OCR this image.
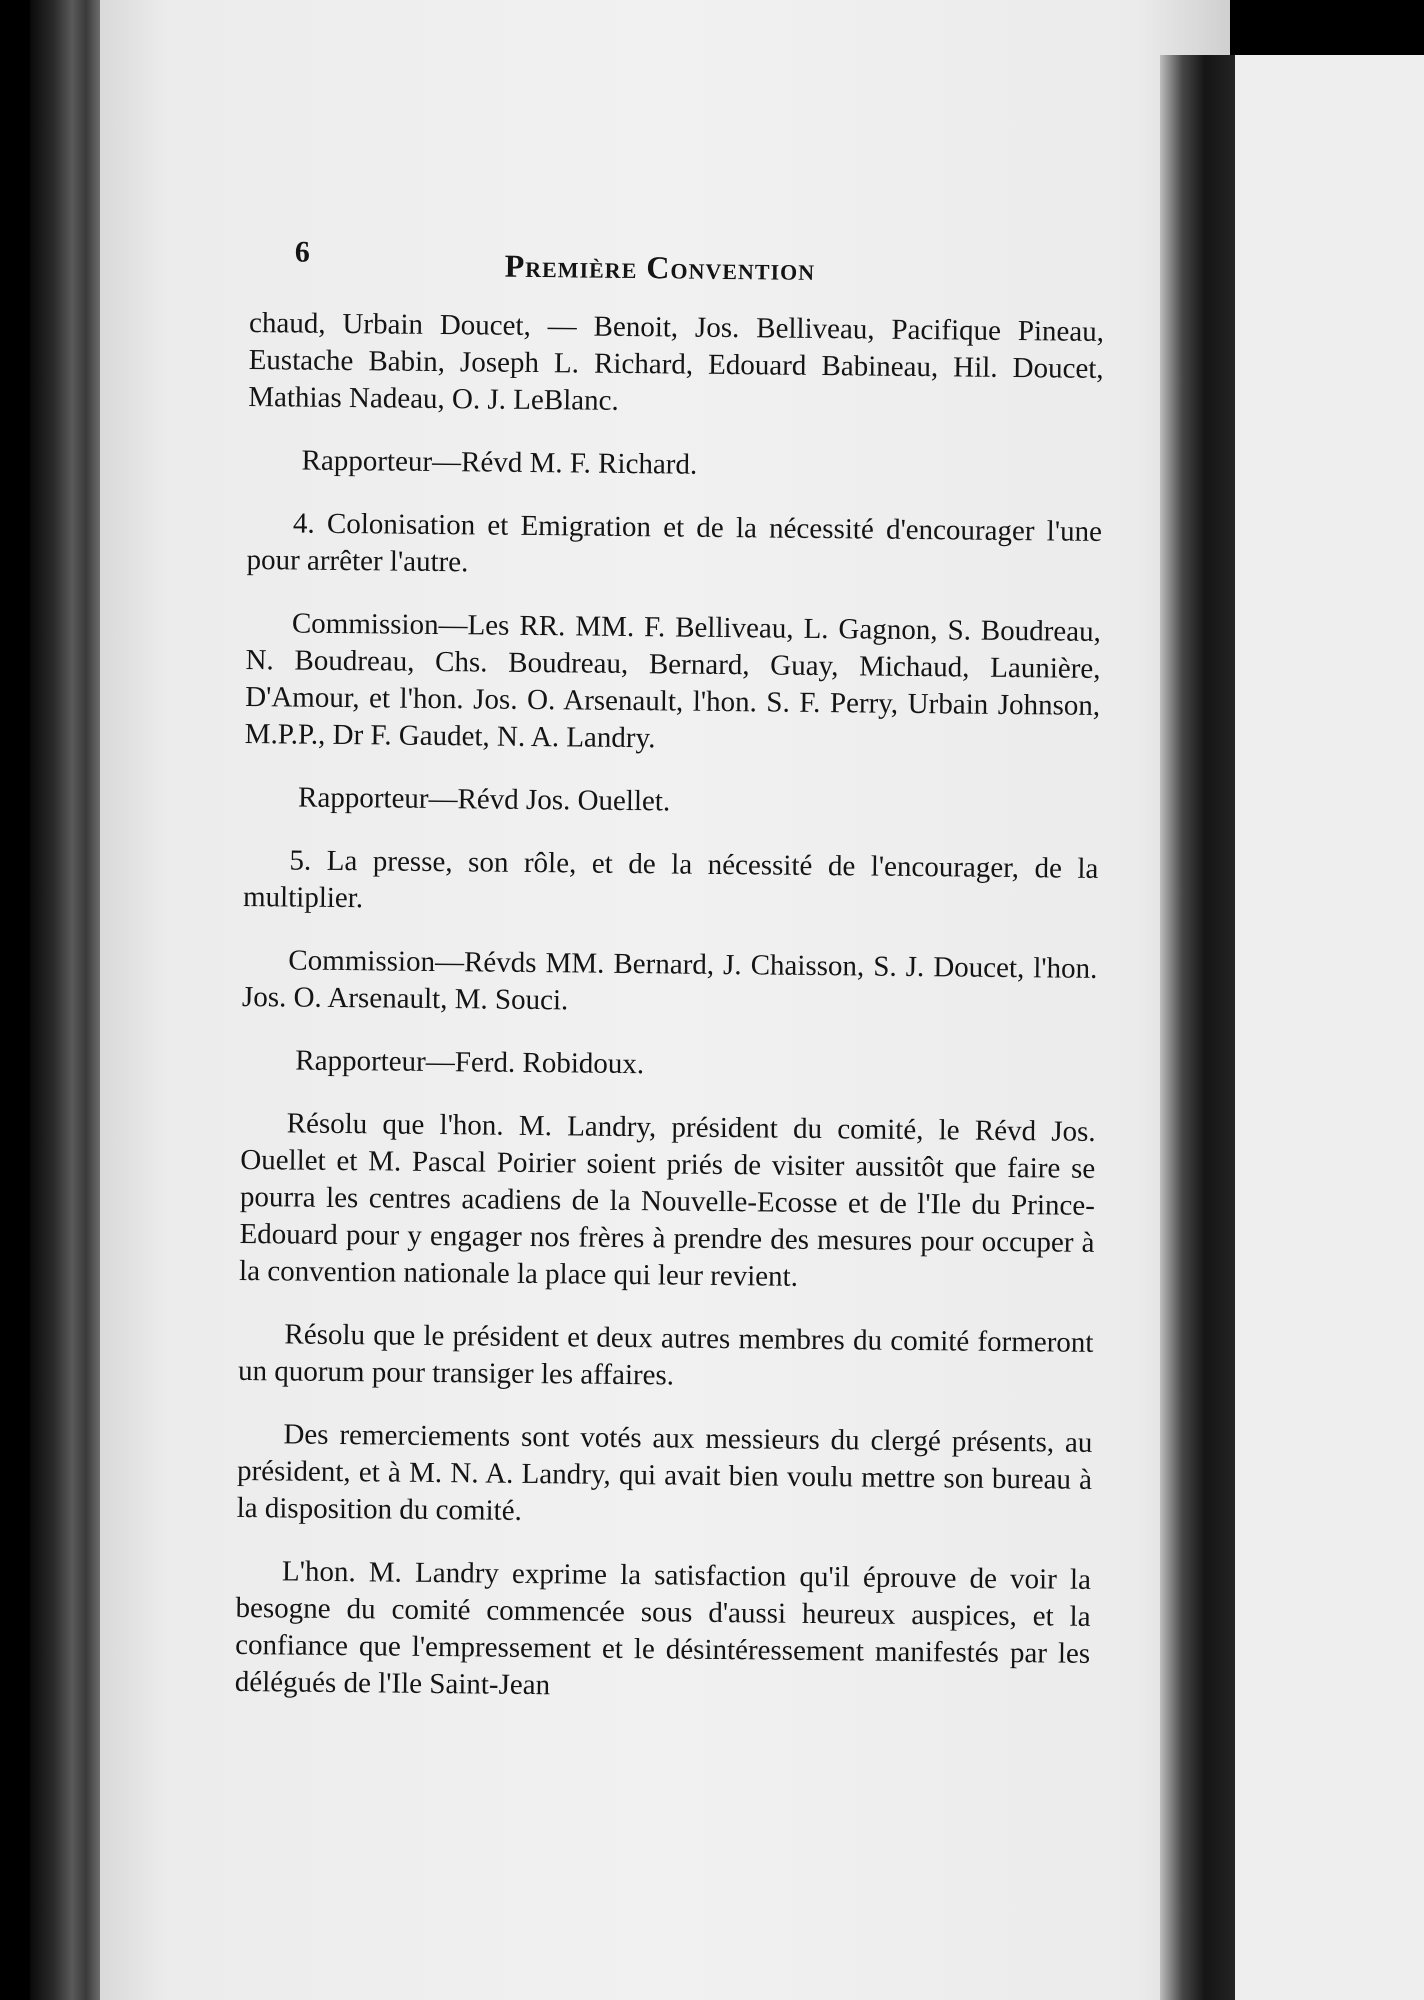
6	Première Convention

chaud, Urbain Doucet, — Benoit, Jos. Belliveau, Pacifique Pineau, Eustache Babin, Joseph L. Richard, Edouard Babineau, Hil. Doucet, Mathias Nadeau, O. J. LeBlanc.

Rapporteur—Révd M. F. Richard.

4. Colonisation et Emigration et de la nécessité d'encourager l'une pour arrêter l'autre.

Commission—Les RR. MM. F. Belliveau, L. Gagnon, S. Boudreau, N. Boudreau, Chs. Boudreau, Bernard, Guay, Michaud, Launière, D'Amour, et l'hon. Jos. O. Arsenault, l'hon. S. F. Perry, Urbain Johnson, M.P.P., Dr F. Gaudet, N. A. Landry.

Rapporteur—Révd Jos. Ouellet.

5. La presse, son rôle, et de la nécessité de l'encourager, de la multiplier.

Commission—Révds MM. Bernard, J. Chaisson, S. J. Doucet, l'hon. Jos. O. Arsenault, M. Souci.

Rapporteur—Ferd. Robidoux.

Résolu que l'hon. M. Landry, président du comité, le Révd Jos. Ouellet et M. Pascal Poirier soient priés de visiter aussitôt que faire se pourra les centres acadiens de la Nouvelle-Ecosse et de l'Ile du Prince-Edouard pour y engager nos frères à prendre des mesures pour occuper à la convention nationale la place qui leur revient.

Résolu que le président et deux autres membres du comité formeront un quorum pour transiger les affaires.

Des remerciements sont votés aux messieurs du clergé présents, au président, et à M. N. A. Landry, qui avait bien voulu mettre son bureau à la disposition du comité.

L'hon. M. Landry exprime la satisfaction qu'il éprouve de voir la besogne du comité commencée sous d'aussi heureux auspices, et la confiance que l'empressement et le désintéressement manifestés par les délégués de l'Ile Saint-Jean
